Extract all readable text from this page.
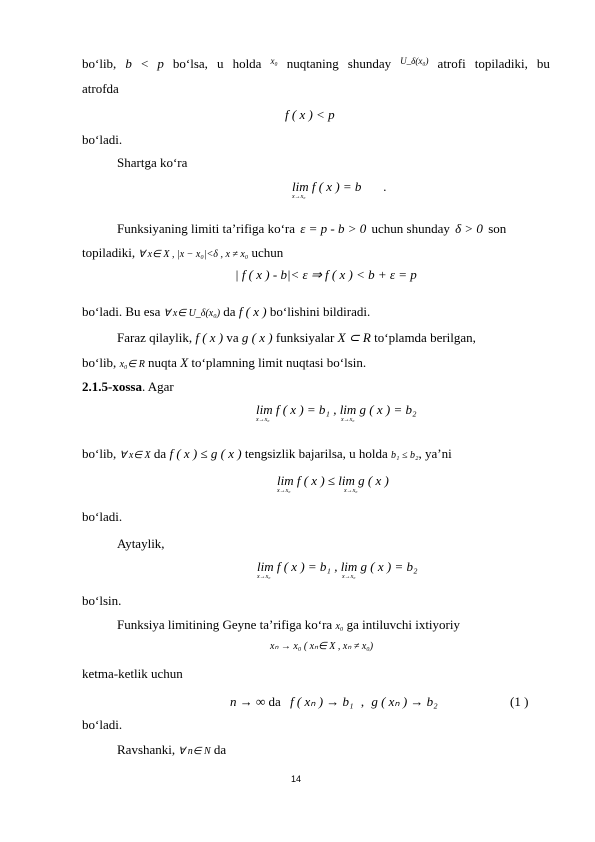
bo‘lib, b < p bo‘lsa, u holda x₀ nuqtaning shunday U_δ(x₀) atrofi topiladiki, bu
atrofda
f ( x ) < p
bo‘ladi.
Shartga ko‘ra
lim f ( x ) = b .
x→x₀
Funksiyaning limiti ta’rifiga ko‘ra ε = p - b > 0 uchun shunday δ > 0 son
topiladiki, ∀ x∈ X , |x − x₀|<δ , x ≠ x₀ uchun
| f ( x ) - b|< ε ⇒ f ( x ) < b + ε = p
bo‘ladi. Bu esa ∀ x∈ U_δ(x₀) da f ( x ) bo‘lishini bildiradi.
Faraz qilaylik, f ( x ) va g ( x ) funksiyalar X ⊂ R to‘plamda berilgan,
bo‘lib, x₀∈ R nuqta X to‘plamning limit nuqtasi bo‘lsin.
2.1.5-xossa. Agar
lim f ( x ) = b₁ , lim g ( x ) = b₂
x→x₀	x→x₀
bo‘lib, ∀ x∈ X da f ( x ) ≤ g ( x ) tengsizlik bajarilsa, u holda b₁ ≤ b₂, ya’ni
lim f ( x ) ≤ lim g ( x )
x→x₀	x→x₀
bo‘ladi.
Aytaylik,
lim f ( x ) = b₁ , lim g ( x ) = b₂
x→x₀	x→x₀
bo‘lsin.
Funksiya limitining Geyne ta’rifiga ko‘ra x₀ ga intiluvchi ixtiyoriy
xₙ → x₀ ( xₙ∈ X , xₙ ≠ x₀)
ketma-ketlik uchun
n → ∞ da f ( xₙ ) → b₁ , g ( xₙ ) → b₂	(1 )
bo‘ladi.
Ravshanki, ∀ n∈ N da
14
